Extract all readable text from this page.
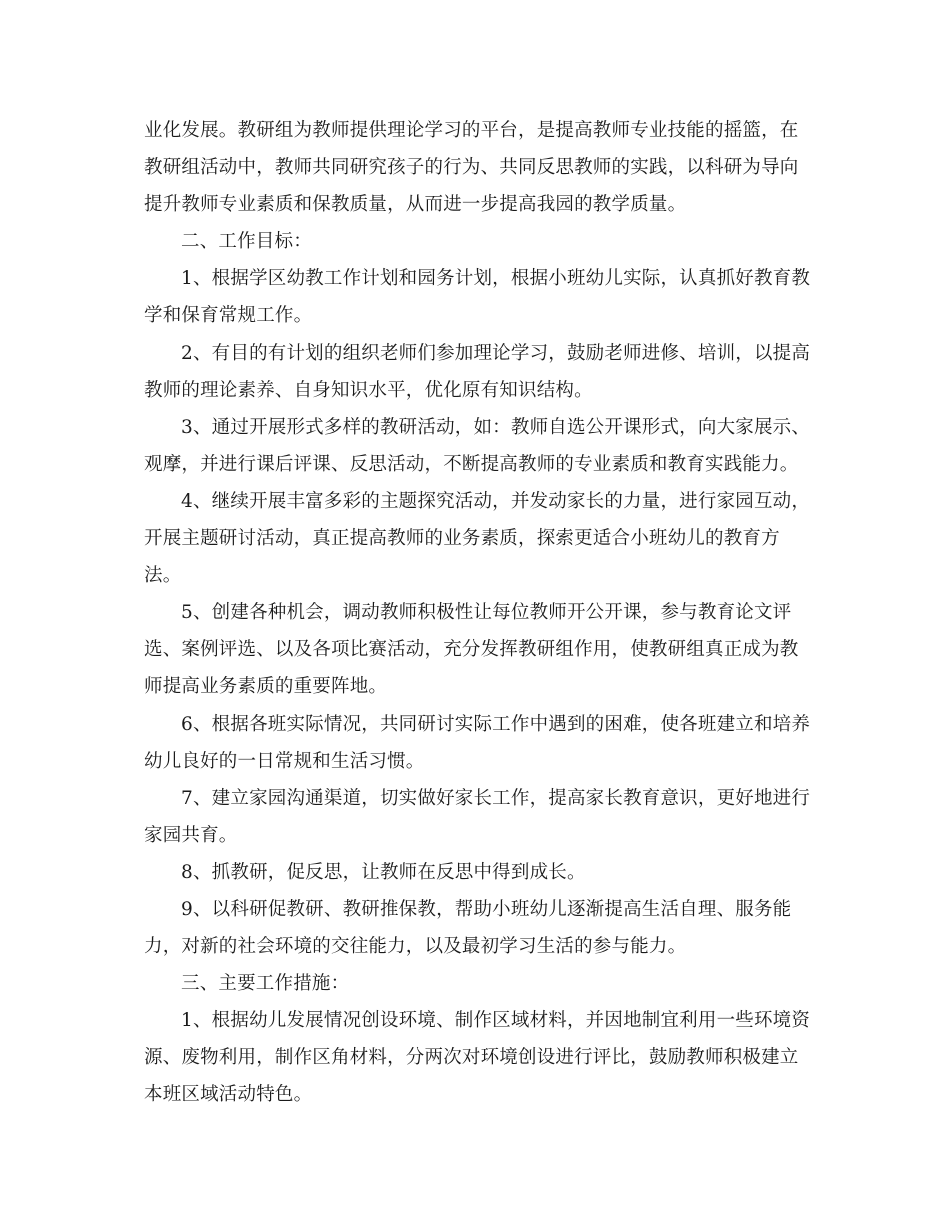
业化发展。教研组为教师提供理论学习的平台，是提高教师专业技能的摇篮，在
教研组活动中，教师共同研究孩子的行为、共同反思教师的实践，以科研为导向
提升教师专业素质和保教质量，从而进一步提高我园的教学质量。

二、工作目标：

1、根据学区幼教工作计划和园务计划，根据小班幼儿实际，认真抓好教育教
学和保育常规工作。

2、有目的有计划的组织老师们参加理论学习，鼓励老师进修、培训，以提高
教师的理论素养、自身知识水平，优化原有知识结构。

3、通过开展形式多样的教研活动，如：教师自选公开课形式，向大家展示、
观摩，并进行课后评课、反思活动，不断提高教师的专业素质和教育实践能力。

4、继续开展丰富多彩的主题探究活动，并发动家长的力量，进行家园互动，
开展主题研讨活动，真正提高教师的业务素质，探索更适合小班幼儿的教育方
法。

5、创建各种机会，调动教师积极性让每位教师开公开课，参与教育论文评
选、案例评选、以及各项比赛活动，充分发挥教研组作用，使教研组真正成为教
师提高业务素质的重要阵地。

6、根据各班实际情况，共同研讨实际工作中遇到的困难，使各班建立和培养
幼儿良好的一日常规和生活习惯。

7、建立家园沟通渠道，切实做好家长工作，提高家长教育意识，更好地进行
家园共育。

8、抓教研，促反思，让教师在反思中得到成长。

9、以科研促教研、教研推保教，帮助小班幼儿逐渐提高生活自理、服务能
力，对新的社会环境的交往能力，以及最初学习生活的参与能力。

三、主要工作措施：

1、根据幼儿发展情况创设环境、制作区域材料，并因地制宜利用一些环境资
源、废物利用，制作区角材料，分两次对环境创设进行评比，鼓励教师积极建立
本班区域活动特色。
